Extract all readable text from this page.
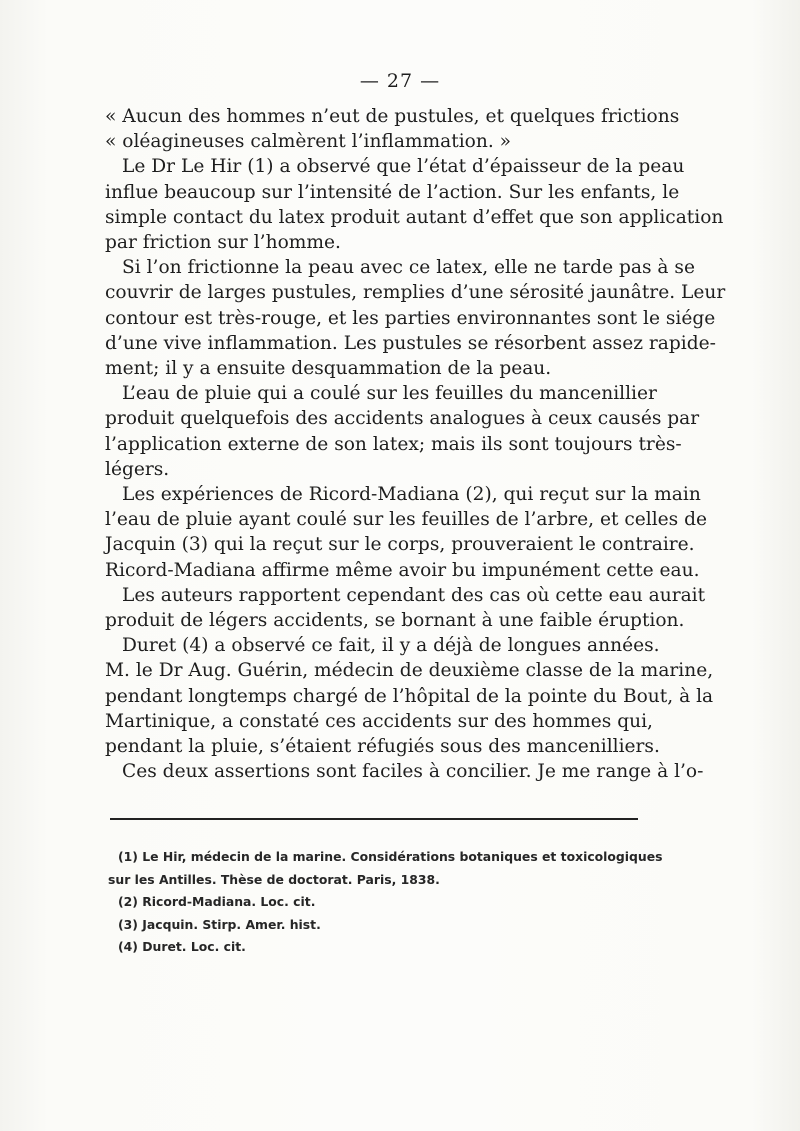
— 27 —

« Aucun des hommes n’eut de pustules, et quelques frictions
« oléagineuses calmèrent l’inflammation. »

Le Dr Le Hir (1) a observé que l’état d’épaisseur de la peau
influe beaucoup sur l’intensité de l’action. Sur les enfants, le
simple contact du latex produit autant d’effet que son application
par friction sur l’homme.

Si l’on frictionne la peau avec ce latex, elle ne tarde pas à se
couvrir de larges pustules, remplies d’une sérosité jaunâtre. Leur
contour est très-rouge, et les parties environnantes sont le siége
d’une vive inflammation. Les pustules se résorbent assez rapide-
ment; il y a ensuite desquammation de la peau.

L’eau de pluie qui a coulé sur les feuilles du mancenillier
produit quelquefois des accidents analogues à ceux causés par
l’application externe de son latex; mais ils sont toujours très-
légers.

Les expériences de Ricord-Madiana (2), qui reçut sur la main
l’eau de pluie ayant coulé sur les feuilles de l’arbre, et celles de
Jacquin (3) qui la reçut sur le corps, prouveraient le contraire.
Ricord-Madiana affirme même avoir bu impunément cette eau.

Les auteurs rapportent cependant des cas où cette eau aurait
produit de légers accidents, se bornant à une faible éruption.

Duret (4) a observé ce fait, il y a déjà de longues années.
M. le Dr Aug. Guérin, médecin de deuxième classe de la marine,
pendant longtemps chargé de l’hôpital de la pointe du Bout, à la
Martinique, a constaté ces accidents sur des hommes qui,
pendant la pluie, s’étaient réfugiés sous des mancenilliers.

Ces deux assertions sont faciles à concilier. Je me range à l’o-

(1) Le Hir, médecin de la marine. Considérations botaniques et toxicologiques

sur les Antilles. Thèse de doctorat. Paris, 1838.

(2) Ricord-Madiana. Loc. cit.

(3) Jacquin. Stirp. Amer. hist.

(4) Duret. Loc. cit.
